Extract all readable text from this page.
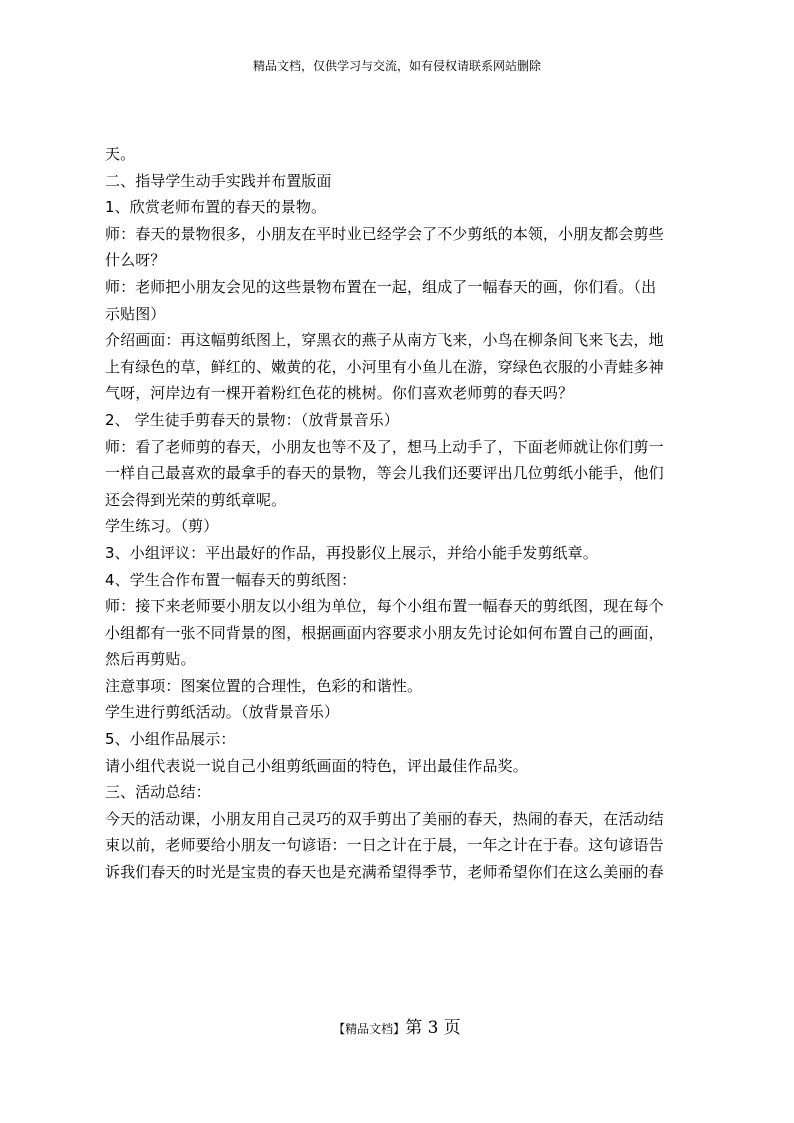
精品文档，仅供学习与交流，如有侵权请联系网站删除
天。
二、指导学生动手实践并布置版面
1、欣赏老师布置的春天的景物。
师：春天的景物很多，小朋友在平时业已经学会了不少剪纸的本领，小朋友都会剪些
什么呀？
师：老师把小朋友会见的这些景物布置在一起，组成了一幅春天的画，你们看。（出
示贴图）
介绍画面：再这幅剪纸图上，穿黑衣的燕子从南方飞来，小鸟在柳条间飞来飞去，地
上有绿色的草，鲜红的、嫩黄的花，小河里有小鱼儿在游，穿绿色衣服的小青蛙多神
气呀，河岸边有一棵开着粉红色花的桃树。你们喜欢老师剪的春天吗？
2、 学生徒手剪春天的景物：（放背景音乐）
师：看了老师剪的春天，小朋友也等不及了，想马上动手了，下面老师就让你们剪一
一样自己最喜欢的最拿手的春天的景物，等会儿我们还要评出几位剪纸小能手，他们
还会得到光荣的剪纸章呢。
学生练习。（剪）
3、小组评议：平出最好的作品，再投影仪上展示，并给小能手发剪纸章。
4、学生合作布置一幅春天的剪纸图：
师：接下来老师要小朋友以小组为单位，每个小组布置一幅春天的剪纸图，现在每个
小组都有一张不同背景的图，根据画面内容要求小朋友先讨论如何布置自己的画面，
然后再剪贴。
注意事项：图案位置的合理性，色彩的和谐性。
学生进行剪纸活动。（放背景音乐）
5、小组作品展示：
请小组代表说一说自己小组剪纸画面的特色，评出最佳作品奖。
三、活动总结：
今天的活动课，小朋友用自己灵巧的双手剪出了美丽的春天，热闹的春天，在活动结
束以前，老师要给小朋友一句谚语：一日之计在于晨，一年之计在于春。这句谚语告
诉我们春天的时光是宝贵的春天也是充满希望得季节，老师希望你们在这么美丽的春
【精品文档】第 3 页
